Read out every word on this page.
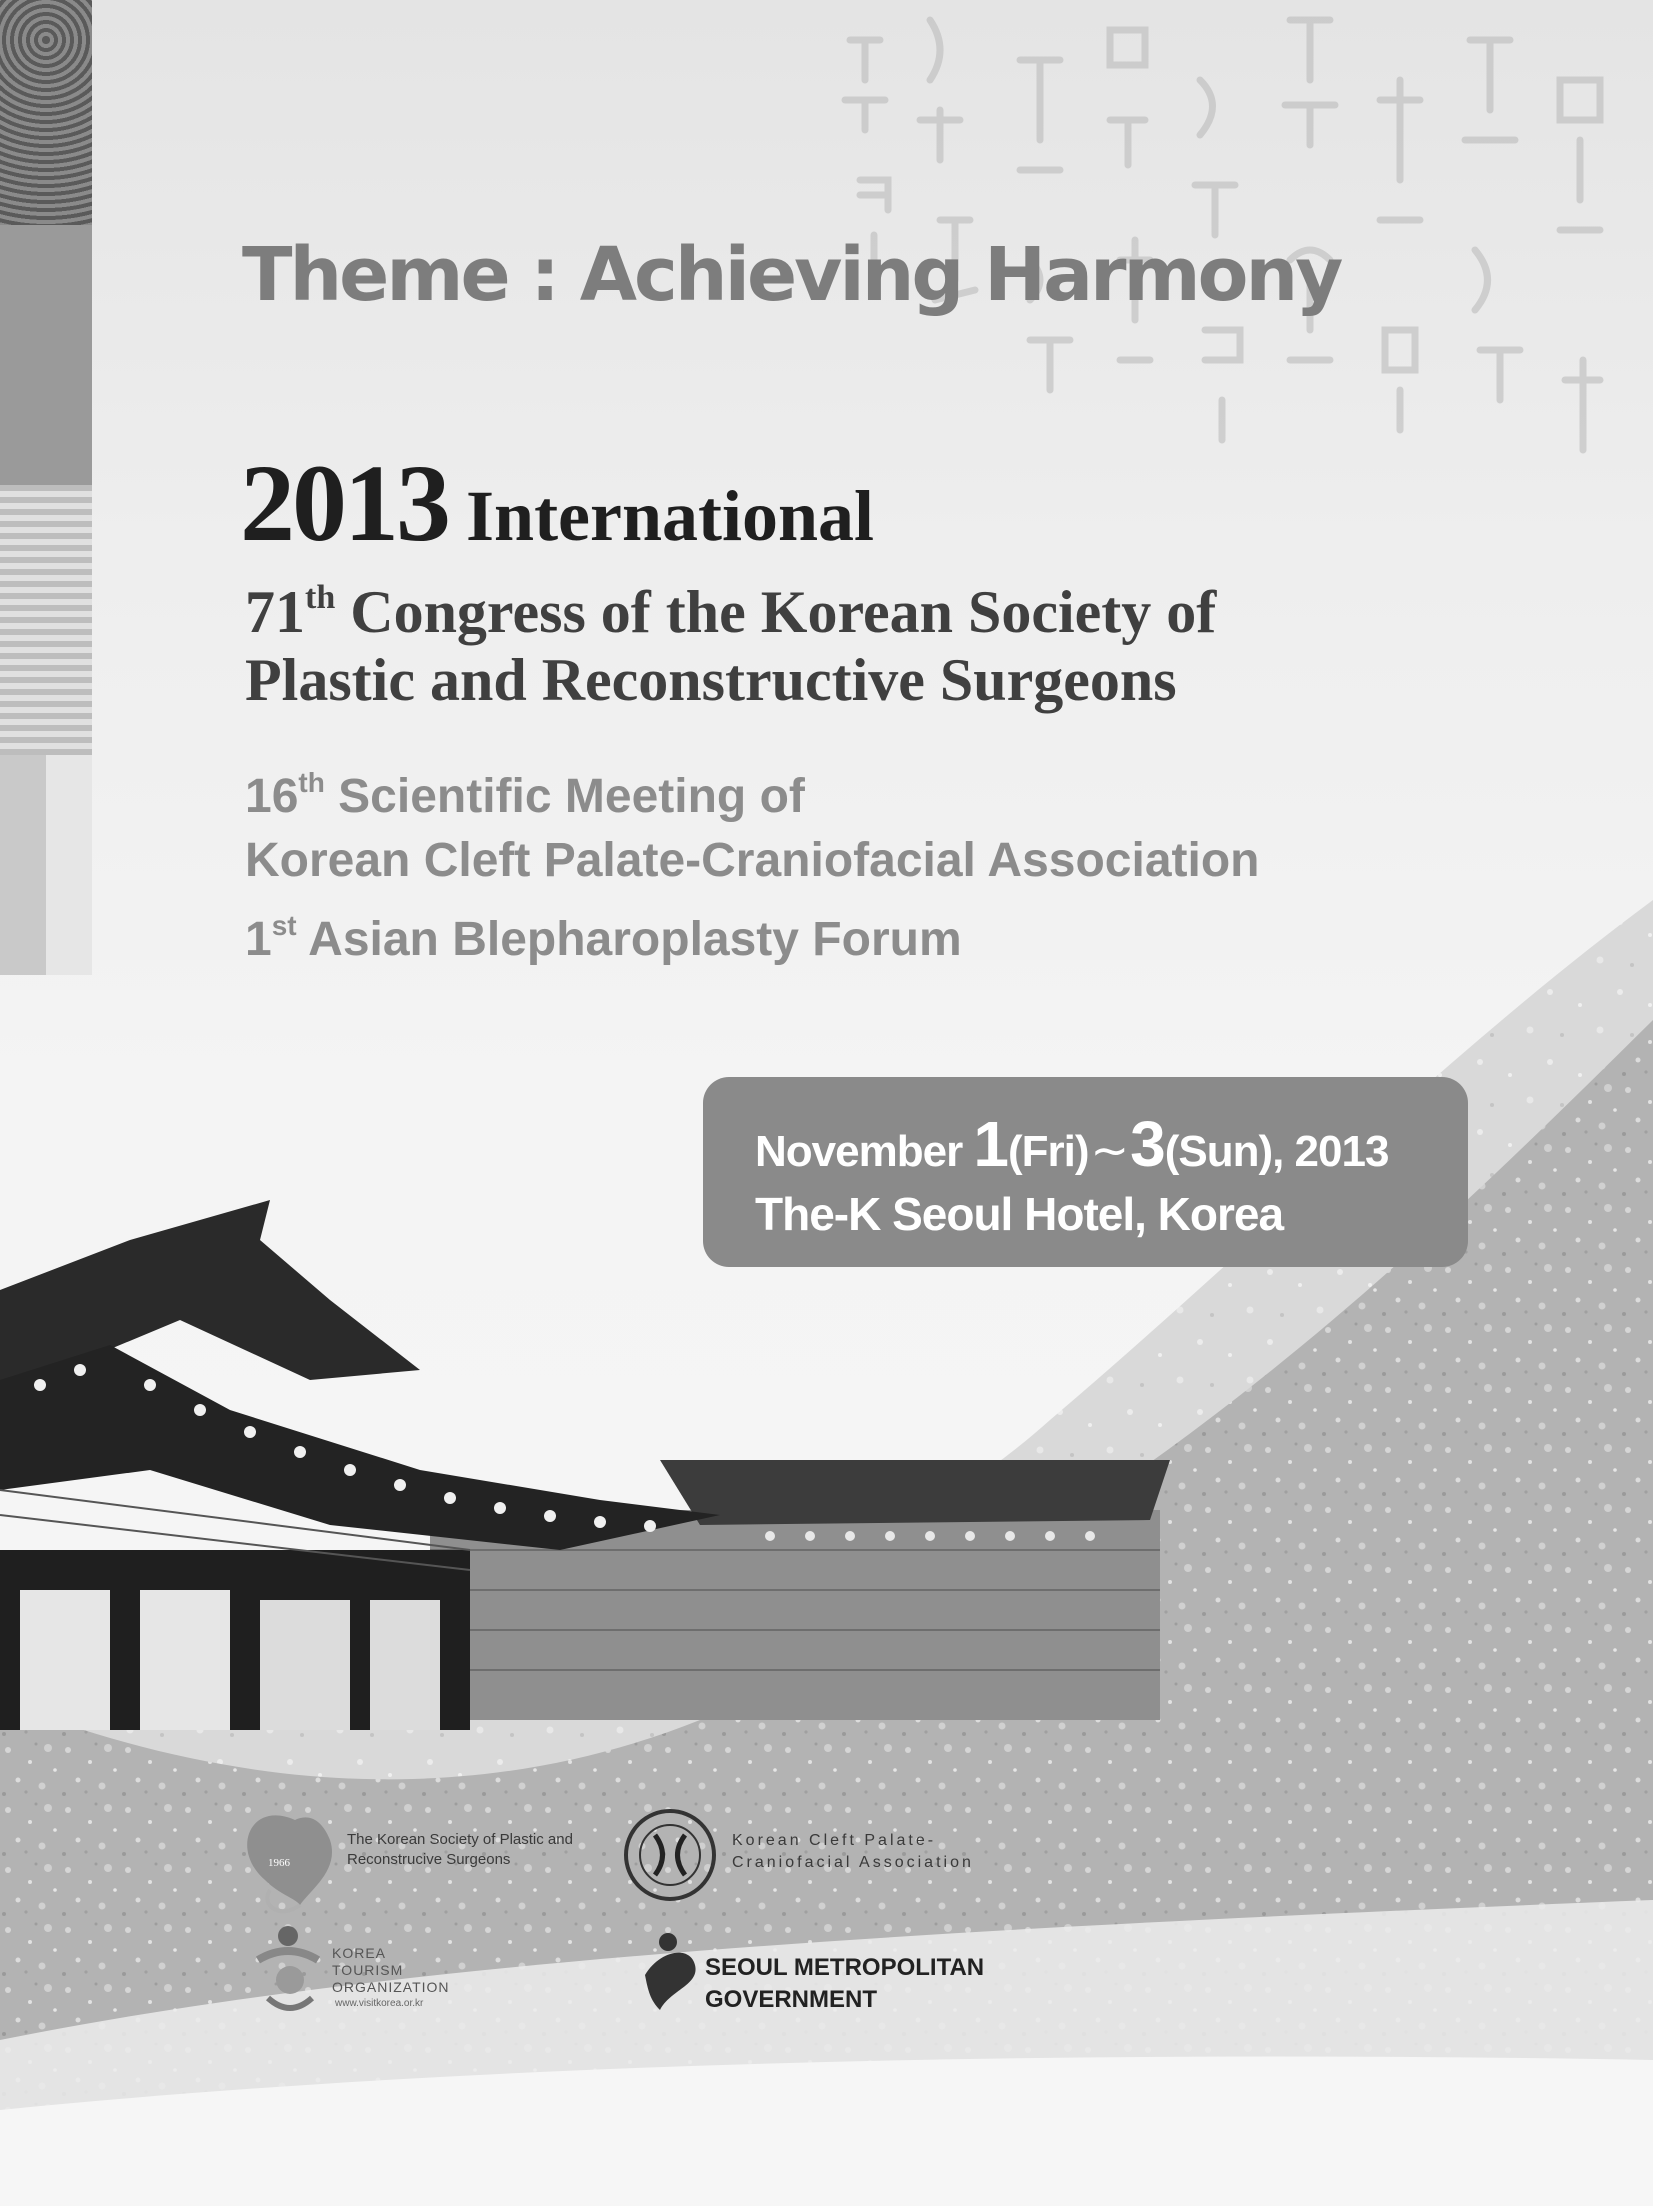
Theme : Achieving Harmony
2013 International
71th Congress of the Korean Society of
Plastic and Reconstructive Surgeons
16th Scientific Meeting of
Korean Cleft Palate-Craniofacial Association
1st Asian Blepharoplasty Forum
November 1(Fri)~3(Sun), 2013
The-K Seoul Hotel, Korea
1966
The Korean Society of Plastic and
Reconstrucive Surgeons
Korean Cleft Palate-
Craniofacial Association
KOREA
TOURISM
ORGANIZATION
www.visitkorea.or.kr
SEOUL METROPOLITAN
GOVERNMENT
